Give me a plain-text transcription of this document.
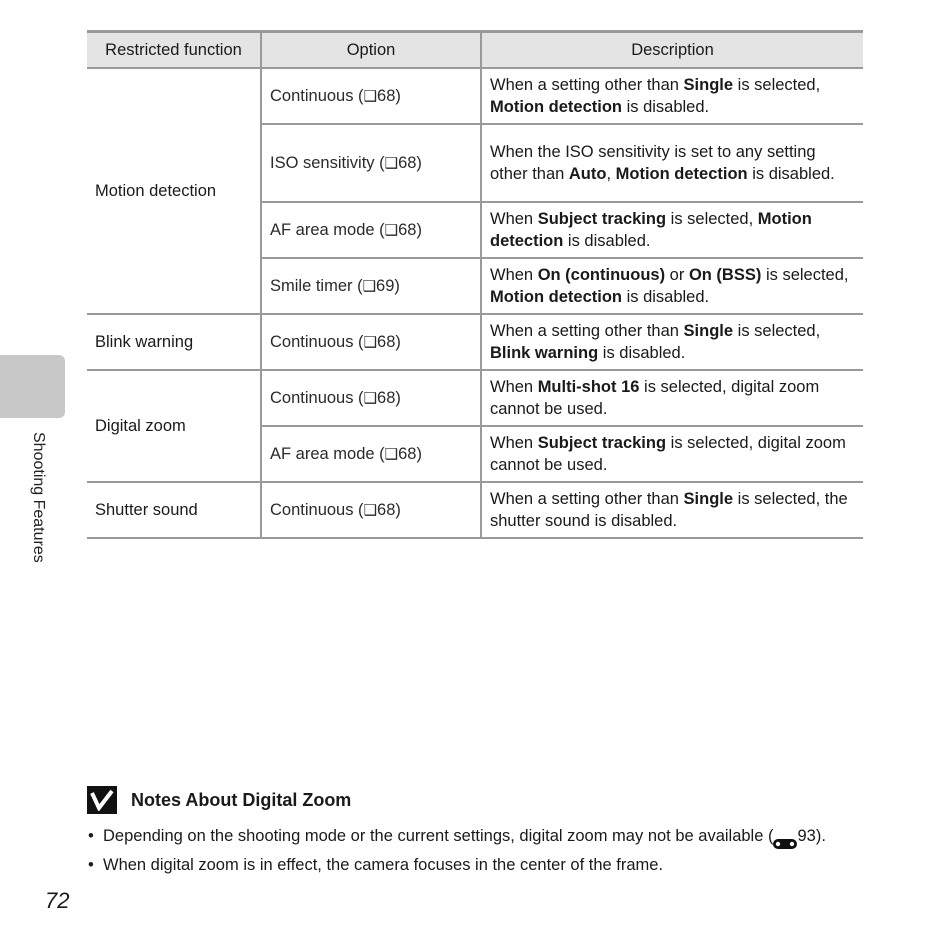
Shooting Features
Restricted function	Option	Description
Motion detection	Continuous (❑68)	When a setting other than Single is selected, Motion detection is disabled.
	ISO sensitivity (❑68)	When the ISO sensitivity is set to any setting other than Auto, Motion detection is disabled.
	AF area mode (❑68)	When Subject tracking is selected, Motion detection is disabled.
	Smile timer (❑69)	When On (continuous) or On (BSS) is selected, Motion detection is disabled.
Blink warning	Continuous (❑68)	When a setting other than Single is selected, Blink warning is disabled.
Digital zoom	Continuous (❑68)	When Multi-shot 16 is selected, digital zoom cannot be used.
	AF area mode (❑68)	When Subject tracking is selected, digital zoom cannot be used.
Shutter sound	Continuous (❑68)	When a setting other than Single is selected, the shutter sound is disabled.
Notes About Digital Zoom
• Depending on the shooting mode or the current settings, digital zoom may not be available ( 93).
• When digital zoom is in effect, the camera focuses in the center of the frame.
72
